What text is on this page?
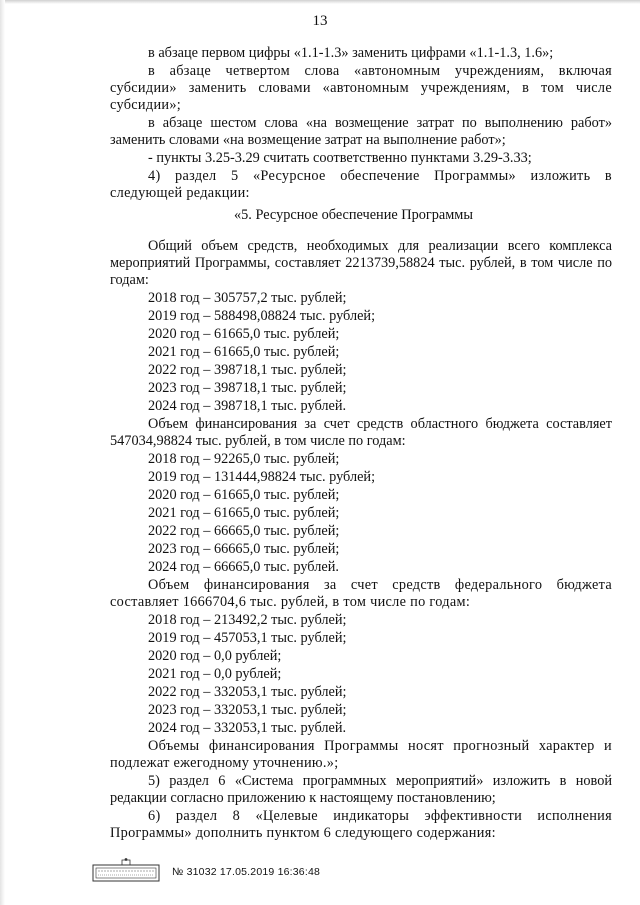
13

в абзаце первом цифры «1.1-1.3» заменить цифрами «1.1-1.3, 1.6»;

в абзаце четвертом слова «автономным учреждениям, включая субсидии» заменить словами «автономным учреждениям, в том числе субсидии»;

в абзаце шестом слова «на возмещение затрат по выполнению работ» заменить словами «на возмещение затрат на выполнение работ»;

- пункты 3.25-3.29 считать соответственно пунктами 3.29-3.33;

4) раздел 5 «Ресурсное обеспечение Программы» изложить в следующей редакции:

«5. Ресурсное обеспечение Программы

Общий объем средств, необходимых для реализации всего комплекса мероприятий Программы, составляет 2213739,58824 тыс. рублей, в том числе по годам:

2018 год – 305757,2 тыс. рублей;

2019 год – 588498,08824 тыс. рублей;

2020 год – 61665,0 тыс. рублей;

2021 год – 61665,0 тыс. рублей;

2022 год – 398718,1 тыс. рублей;

2023 год – 398718,1 тыс. рублей;

2024 год – 398718,1 тыс. рублей.

Объем финансирования за счет средств областного бюджета составляет 547034,98824 тыс. рублей, в том числе по годам:

2018 год – 92265,0 тыс. рублей;

2019 год – 131444,98824 тыс. рублей;

2020 год – 61665,0 тыс. рублей;

2021 год – 61665,0 тыс. рублей;

2022 год – 66665,0 тыс. рублей;

2023 год – 66665,0 тыс. рублей;

2024 год – 66665,0 тыс. рублей.

Объем финансирования за счет средств федерального бюджета составляет 1666704,6 тыс. рублей, в том числе по годам:

2018 год – 213492,2 тыс. рублей;

2019 год – 457053,1 тыс. рублей;

2020 год – 0,0 рублей;

2021 год – 0,0 рублей;

2022 год – 332053,1 тыс. рублей;

2023 год – 332053,1 тыс. рублей;

2024 год – 332053,1 тыс. рублей.

Объемы финансирования Программы носят прогнозный характер и подлежат ежегодному уточнению.»;

5) раздел 6 «Система программных мероприятий» изложить в новой редакции согласно приложению к настоящему постановлению;

6) раздел 8 «Целевые индикаторы эффективности исполнения Программы» дополнить пунктом 6 следующего содержания:

№ 31032 17.05.2019 16:36:48
